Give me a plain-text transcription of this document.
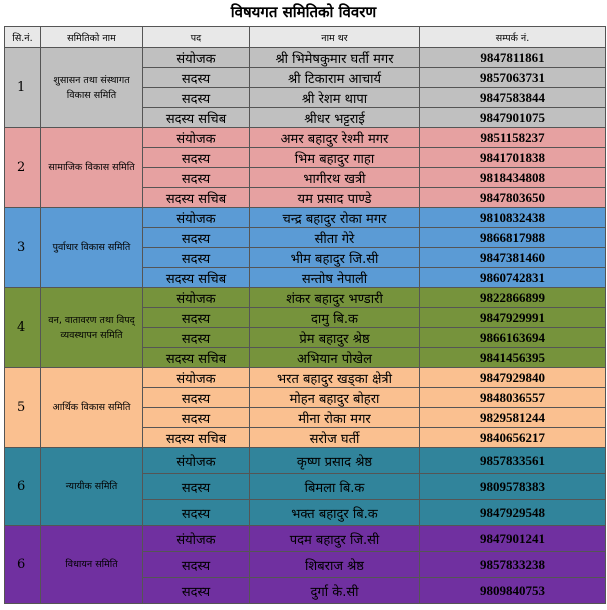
विषयगत समितिको विवरण
सि.नं.	समितिको नाम	पद	नाम थर	सम्पर्क नं.
1	शुसासन तथा संस्थागत विकास समिति	संयोजक	श्री भिमेषकुमार घर्ती मगर	9847811861
		सदस्य	श्री टिकाराम आचार्य	9857063731
		सदस्य	श्री रेशम थापा	9847583844
		सदस्य सचिब	श्रीधर भट्टराई	9847901075
2	सामाजिक विकास समिति	संयोजक	अमर बहादुर रेश्मी मगर	9851158237
		सदस्य	भिम बहादुर गाहा	9841701838
		सदस्य	भागीरथ खत्री	9818434808
		सदस्य सचिब	यम प्रसाद पाण्डे	9847803650
3	पुर्वाधार विकास समिति	संयोजक	चन्द्र बहादुर रोका मगर	9810832438
		सदस्य	सीता गेरे	9866817988
		सदस्य	भीम बहादुर जि.सी	9847381460
		सदस्य सचिब	सन्तोष नेपाली	9860742831
4	वन, वातावरण तथा विपद् व्यवस्थापन समिति	संयोजक	शंकर बहादुर भण्डारी	9822866899
		सदस्य	दामु बि.क	9847929991
		सदस्य	प्रेम बहादुर श्रेष्ठ	9866163694
		सदस्य सचिब	अभियान पोखेल	9841456395
5	आर्थिक विकास समिति	संयोजक	भरत बहादुर खड्का क्षेत्री	9847929840
		सदस्य	मोहन बहादुर बोहरा	9848036557
		सदस्य	मीना रोका मगर	9829581244
		सदस्य सचिब	सरोज घर्ती	9840656217
6	न्यायीक समिति	संयोजक	कृष्ण प्रसाद श्रेष्ठ	9857833561
		सदस्य	बिमला बि.क	9809578383
		सदस्य	भक्त बहादुर बि.क	9847929548
6	विधायन समिति	संयोजक	पदम बहादुर जि.सी	9847901241
		सदस्य	शिबराज श्रेष्ठ	9857833238
		सदस्य	दुर्गा के.सी	9809840753
